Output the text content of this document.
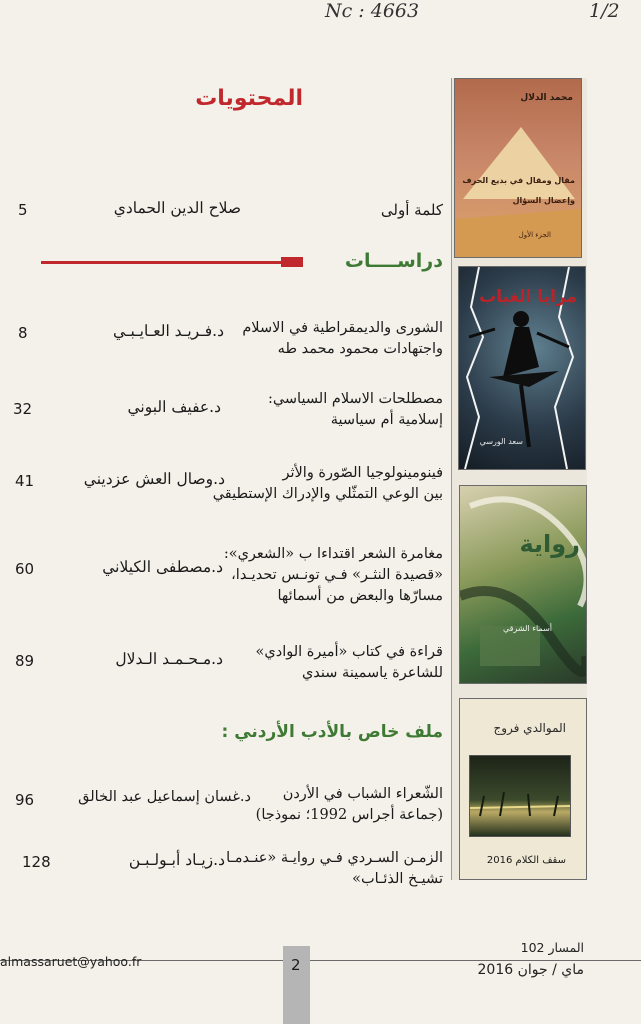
Nc : 4663	1/2
المحتويات
كلمة أولى
صلاح الدين الحمادي
5
دراســــات
الشورى والديمقراطية في الاسلام
واجتهادات محمود محمد طه
د.فـريـد العـايـبـي
8
مصطلحات الاسلام السياسي:
إسلامية أم سياسية
د.عفيف البوني
32
فينومينولوجيا الصّورة والأثر
بين الوعي التمثّلي والإدراك الإستطيقي
د.وصال العش عزديني
41
مغامرة الشعر اقتداءا ب «الشعري»:
«قصيدة النثـر» فـي تونـس تحديـدا،
مسارّها والبعض من أسمائها
د.مصطفى الكيلاني
60
قراءة في كتاب «أميرة الوادي»
للشاعرة ياسمينة سندي
د.مـحـمـد الـدلال
89
ملف خاص بالأدب الأردني :
الشّعراء الشباب في الأردن
(جماعة أجراس 1992؛ نموذجا)
د.غسان إسماعيل عبد الخالق
96
الزمـن السـردي فـي روايـة «عنـدمـا
تشيـخ الذئـاب»
د.زيـاد أبـولـبـن
128
محمد الدلال
مقال ومقال في بديع الحرف
وإعضال السؤال
الجزء الأول
مرايا الغياب
سعد الورسي
رواية
أسماء الشرقي
الموالدي فروج
سقف الكلام 2016
almassaruet@yahoo.fr	2
المسار 102
ماي / جوان 2016
